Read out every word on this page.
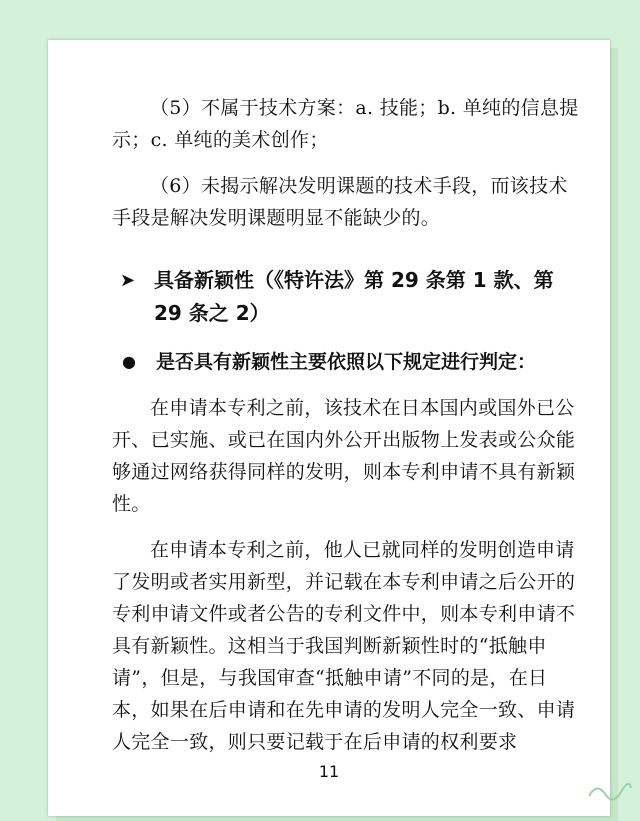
（5）不属于技术方案：a. 技能；b. 单纯的信息提示；c. 单纯的美术创作；

（6）未揭示解决发明课题的技术手段，而该技术手段是解决发明课题明显不能缺少的。

➤ 具备新颖性（《特许法》第 29 条第 1 款、第 29 条之 2）
●	是否具有新颖性主要依照以下规定进行判定：

在申请本专利之前，该技术在日本国内或国外已公开、已实施、或已在国内外公开出版物上发表或公众能够通过网络获得同样的发明，则本专利申请不具有新颖性。

在申请本专利之前，他人已就同样的发明创造申请了发明或者实用新型，并记载在本专利申请之后公开的专利申请文件或者公告的专利文件中，则本专利申请不具有新颖性。这相当于我国判断新颖性时的“抵触申请”，但是，与我国审查“抵触申请”不同的是，在日本，如果在后申请和在先申请的发明人完全一致、申请人完全一致，则只要记载于在后申请的权利要求

11
